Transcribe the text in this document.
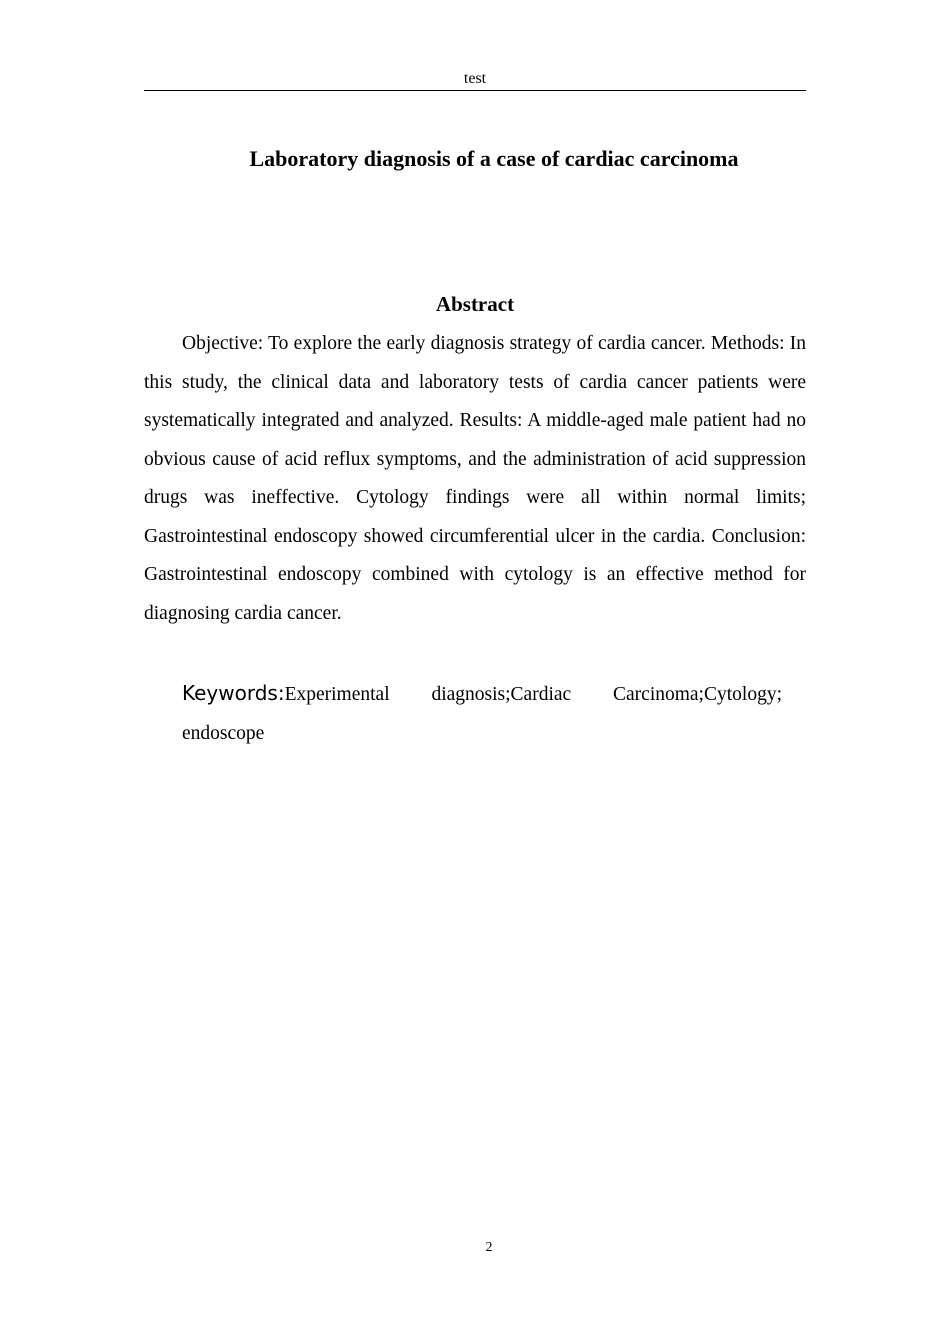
test
Laboratory diagnosis of a case of cardiac carcinoma
Abstract

Objective: To explore the early diagnosis strategy of cardia cancer. Methods: In this study, the clinical data and laboratory tests of cardia cancer patients were systematically integrated and analyzed. Results: A middle-aged male patient had no obvious cause of acid reflux symptoms, and the administration of acid suppression drugs was ineffective. Cytology findings were all within normal limits; Gastrointestinal endoscopy showed circumferential ulcer in the cardia. Conclusion: Gastrointestinal endoscopy combined with cytology is an effective method for diagnosing cardia cancer.

Keywords:Experimental diagnosis;Cardiac Carcinoma;Cytology; endoscope

2
